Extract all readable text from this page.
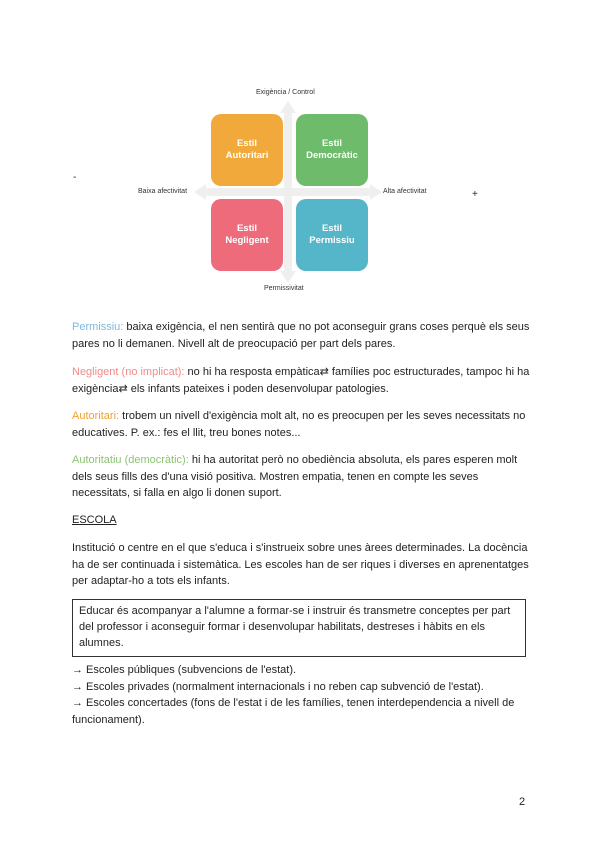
Exigència / Control
Permissivitat
Baixa afectivitat	Alta afectivitat
Estil
Autoritari
Estil
Democràtic
Estil
Negligent
Estil
Permissiu
-
+
Permissiu: baixa exigència, el nen sentirà que no pot aconseguir grans coses perquè els seus pares no li demanen. Nivell alt de preocupació per part dels pares.
Negligent (no implicat): no hi ha resposta empàtica⇄ famílies poc estructurades, tampoc hi ha exigència⇄ els infants pateixes i poden desenvolupar patologies.
Autoritari: trobem un nivell d'exigència molt alt, no es preocupen per les seves necessitats no educatives. P. ex.: fes el llit, treu bones notes...
Autoritatiu (democràtic): hi ha autoritat però no obediència absoluta, els pares esperen molt dels seus fills des d'una visió positiva. Mostren empatia, tenen en compte les seves necessitats, si falla en algo li donen suport.
ESCOLA
Institució o centre en el que s'educa i s'instrueix sobre unes àrees determinades. La docència ha de ser continuada i sistemàtica. Les escoles han de ser riques i diverses en aprenentatges per adaptar-ho a tots els infants.
Educar és acompanyar a l'alumne a formar-se i instruir és transmetre conceptes per part del professor i aconseguir formar i desenvolupar habilitats, destreses i hàbits en els alumnes.
→ Escoles públiques (subvencions de l'estat).
→ Escoles privades (normalment internacionals i no reben cap subvenció de l'estat).
→ Escoles concertades (fons de l'estat i de les famílies, tenen interdependencia a nivell de funcionament).
2
